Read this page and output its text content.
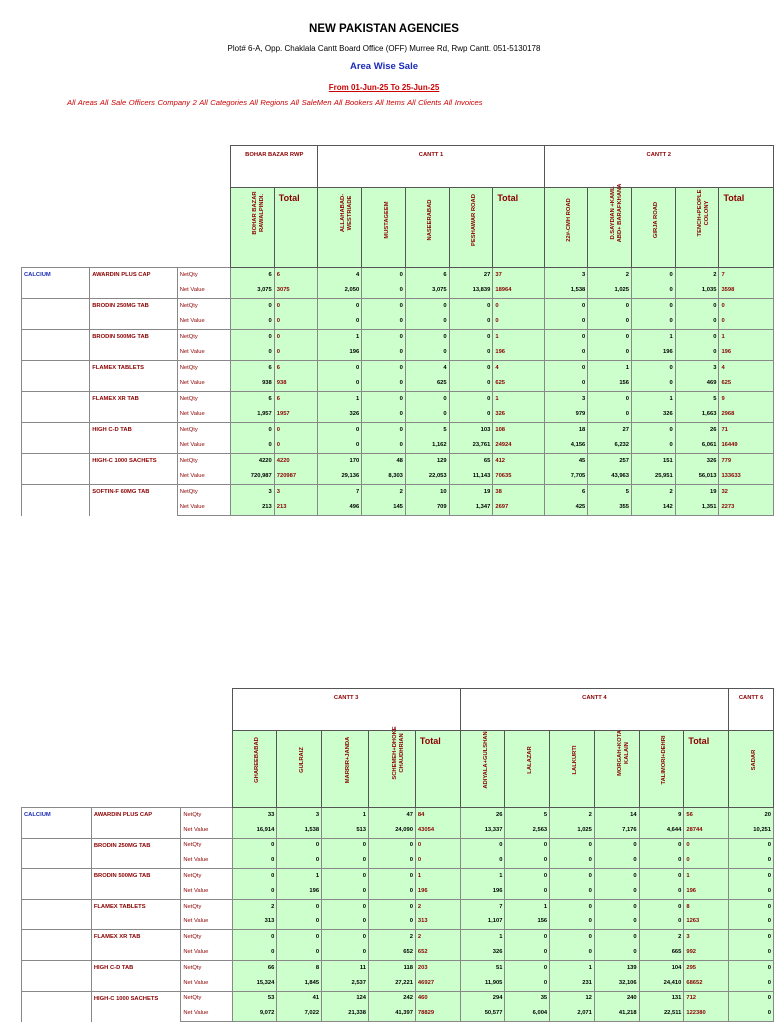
NEW PAKISTAN AGENCIES
Plot# 6-A, Opp. Chaklala Cantt Board Office (OFF) Murree Rd, Rwp Cantt. 051-5130178
Area Wise Sale
From 01-Jun-25 To 25-Jun-25
All Areas All Sale Officers Company 2 All Categories All Regions All SaleMen All Bookers All Items All Clients All Invoices
			BOHAR BAZAR RWP		CANTT 1					CANTT 2				

			BOHAR BAZAR RAWALPINDI.	Total	ALLAHABAD-WESTRIADE	MUSTAGEEM	NASEERABAD	PESHAWAR ROAD	Total	22#-CMH ROAD	D.SAYDIAN +KAML ABD+ BARAFKHANA	GIRJA ROAD	TENCH+PEOPLE COLONY	Total

CALCIUM	AWARDIN PLUS CAP	NetQty	6	6	4	0	6	27	37	3	2	0	2	7
		Net Value	3,075	3075	2,050	0	3,075	13,839	18964	1,538	1,025	0	1,035	3598
	BRODIN 250MG TAB	NetQty	0	0	0	0	0	0	0	0	0	0	0	0
		Net Value	0	0	0	0	0	0	0	0	0	0	0	0
	BRODIN 500MG TAB	NetQty	0	0	1	0	0	0	1	0	0	1	0	1
		Net Value	0	0	196	0	0	0	196	0	0	196	0	196
	FLAMEX TABLETS	NetQty	6	6	0	0	4	0	4	0	1	0	3	4
		Net Value	938	938	0	0	625	0	625	0	156	0	469	625
	FLAMEX XR TAB	NetQty	6	6	1	0	0	0	1	3	0	1	5	9
		Net Value	1,957	1957	326	0	0	0	326	979	0	326	1,663	2968
	HIGH C-D TAB	NetQty	0	0	0	0	5	103	108	18	27	0	26	71
		Net Value	0	0	0	0	1,162	23,761	24924	4,156	6,232	0	6,061	16449
	HIGH-C 1000 SACHETS	NetQty	4220	4220	170	48	129	65	412	45	257	151	326	779
		Net Value	720,987	720987	29,136	8,303	22,053	11,143	70635	7,705	43,963	25,951	56,013	133633
	SOFTIN-F 60MG TAB	NetQty	3	3	7	2	10	19	38	6	5	2	19	32
		Net Value	213	213	496	145	709	1,347	2697	425	355	142	1,351	2273
			CANTT 3					CANTT 4						CANTT 6

			GHAREEBABAD	GULRAIZ	MARRIR+JANDA	SCHEMEH+DHOKE CHAUDHRIAN	Total	ADIYALA+GULSHAN	LALAZAR	LALKURTI	MORGAH+KOTA KALAIN	TALIMORI+DEHRI	Total	SADAR

CALCIUM	AWARDIN PLUS CAP	NetQty	33	3	1	47	84	26	5	2	14	9	56	20
		Net Value	16,914	1,538	513	24,090	43054	13,337	2,563	1,025	7,176	4,644	28744	10,251
	BRODIN 250MG TAB	NetQty	0	0	0	0	0	0	0	0	0	0	0	0
		Net Value	0	0	0	0	0	0	0	0	0	0	0	0
	BRODIN 500MG TAB	NetQty	0	1	0	0	1	1	0	0	0	0	1	0
		Net Value	0	196	0	0	196	196	0	0	0	0	196	0
	FLAMEX TABLETS	NetQty	2	0	0	0	2	7	1	0	0	0	8	0
		Net Value	313	0	0	0	313	1,107	156	0	0	0	1263	0
	FLAMEX XR TAB	NetQty	0	0	0	2	2	1	0	0	0	2	3	0
		Net Value	0	0	0	652	652	326	0	0	0	665	992	0
	HIGH C-D TAB	NetQty	66	8	11	118	203	51	0	1	139	104	295	0
		Net Value	15,324	1,845	2,537	27,221	46927	11,905	0	231	32,106	24,410	68652	0
	HIGH-C 1000 SACHETS	NetQty	53	41	124	242	460	294	35	12	240	131	712	0
		Net Value	9,072	7,022	21,338	41,397	78829	50,577	6,004	2,071	41,218	22,511	122380	0
